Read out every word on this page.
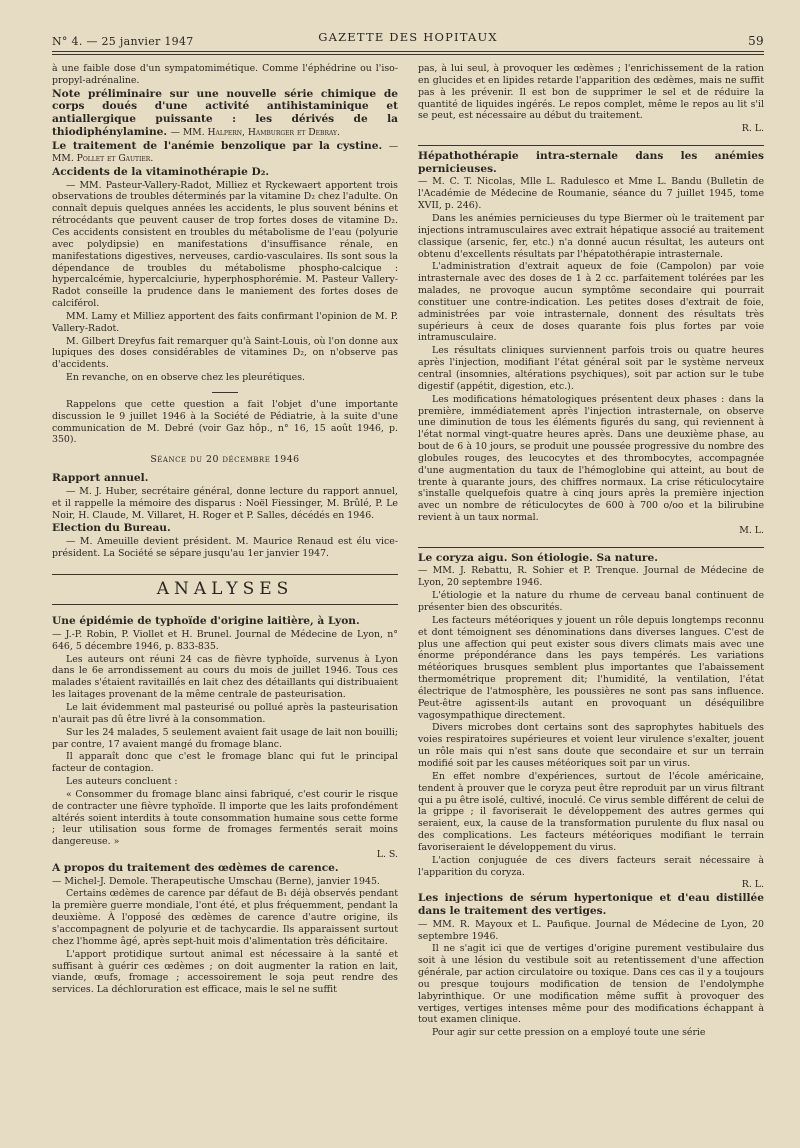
N° 4. — 25 janvier 1947	GAZETTE DES HOPITAUX	59

à une faible dose d'un sympatomimétique. Comme l'éphédrine ou l'iso-propyl-adrénaline.

Note préliminaire sur une nouvelle série chimique de corps doués d'une activité antihistaminique et antiallergique puissante : les dérivés de la thiodiphénylamine. — MM. Halpern, Hamburger et Debray.

Le traitement de l'anémie benzolique par la cystine. — MM. Pollet et Gautier.

Accidents de la vitaminothérapie D₂.

— MM. Pasteur-Vallery-Radot, Milliez et Ryckewaert apportent trois observations de troubles déterminés par la vitamine D₂ chez l'adulte. On connaît depuis quelques années les accidents, le plus souvent bénins et rétrocédants que peuvent causer de trop fortes doses de vitamine D₂. Ces accidents consistent en troubles du métabolisme de l'eau (polyurie avec polydipsie) en manifestations d'insuffisance rénale, en manifestations digestives, nerveuses, cardio-vasculaires. Ils sont sous la dépendance de troubles du métabolisme phospho-calcique : hypercalcémie, hypercalciurie, hyperphosphorémie. M. Pasteur Vallery-Radot conseille la prudence dans le maniement des fortes doses de calciférol.

MM. Lamy et Milliez apportent des faits confirmant l'opinion de M. P. Vallery-Radot.

M. Gilbert Dreyfus fait remarquer qu'à Saint-Louis, où l'on donne aux lupiques des doses considérables de vitamines D₂, on n'observe pas d'accidents.

En revanche, on en observe chez les pleurétiques.

Rappelons que cette question a fait l'objet d'une importante discussion le 9 juillet 1946 à la Société de Pédiatrie, à la suite d'une communication de M. Debré (voir Gaz hôp., n° 16, 15 août 1946, p. 350).

Séance du 20 décembre 1946

Rapport annuel.

— M. J. Huber, secrétaire général, donne lecture du rapport annuel, et il rappelle la mémoire des disparus : Noël Fiessinger, M. Brûlé, P. Le Noir, H. Claude, M. Villaret, H. Roger et P. Salles, décédés en 1946.

Election du Bureau.

— M. Ameuille devient président. M. Maurice Renaud est élu vice-président. La Société se sépare jusqu'au 1er janvier 1947.

ANALYSES

Une épidémie de typhoïde d'origine laitière, à Lyon.

— J.-P. Robin, P. Viollet et H. Brunel. Journal de Médecine de Lyon, n° 646, 5 décembre 1946, p. 833-835.

Les auteurs ont réuni 24 cas de fièvre typhoïde, survenus à Lyon dans le 6e arrondissement au cours du mois de juillet 1946. Tous ces malades s'étaient ravitaillés en lait chez des détaillants qui distribuaient les laitages provenant de la même centrale de pasteurisation.

Le lait évidemment mal pasteurisé ou pollué après la pasteurisation n'aurait pas dû être livré à la consommation.

Sur les 24 malades, 5 seulement avaient fait usage de lait non bouilli; par contre, 17 avaient mangé du fromage blanc.

Il apparaît donc que c'est le fromage blanc qui fut le principal facteur de contagion.

Les auteurs concluent :

« Consommer du fromage blanc ainsi fabriqué, c'est courir le risque de contracter une fièvre typhoïde. Il importe que les laits profondément altérés soient interdits à toute consommation humaine sous cette forme ; leur utilisation sous forme de fromages fermentés serait moins dangereuse. »

L. S.

A propos du traitement des œdèmes de carence.

— Michel-J. Demole. Therapeutische Umschau (Berne), janvier 1945.

Certains œdèmes de carence par défaut de B₁ déjà observés pendant la première guerre mondiale, l'ont été, et plus fréquemment, pendant la deuxième. À l'opposé des œdèmes de carence d'autre origine, ils s'accompagnent de polyurie et de tachycardie. Ils apparaissent surtout chez l'homme âgé, après sept-huit mois d'alimentation très déficitaire.

L'apport protidique surtout animal est nécessaire à la santé et suffisant à guérir ces œdèmes ; on doit augmenter la ration en lait, viande, œufs, fromage ; accessoirement le soja peut rendre des services. La déchloruration est efficace, mais le sel ne suffit

pas, à lui seul, à provoquer les œdèmes ; l'enrichissement de la ration en glucides et en lipides retarde l'apparition des œdèmes, mais ne suffit pas à les prévenir. Il est bon de supprimer le sel et de réduire la quantité de liquides ingérés. Le repos complet, même le repos au lit s'il se peut, est nécessaire au début du traitement.

R. L.

Hépathothérapie intra-sternale dans les anémies pernicieuses.

— M. C. T. Nicolas, Mlle L. Radulesco et Mme L. Bandu (Bulletin de l'Académie de Médecine de Roumanie, séance du 7 juillet 1945, tome XVII, p. 246).

Dans les anémies pernicieuses du type Biermer où le traitement par injections intramusculaires avec extrait hépatique associé au traitement classique (arsenic, fer, etc.) n'a donné aucun résultat, les auteurs ont obtenu d'excellents résultats par l'hépatothérapie intrasternale.

L'administration d'extrait aqueux de foie (Campolon) par voie intrasternale avec des doses de 1 à 2 cc. parfaitement tolérées par les malades, ne provoque aucun symptôme secondaire qui pourrait constituer une contre-indication. Les petites doses d'extrait de foie, administrées par voie intrasternale, donnent des résultats très supérieurs à ceux de doses quarante fois plus fortes par voie intramusculaire.

Les résultats cliniques surviennent parfois trois ou quatre heures après l'injection, modifiant l'état général soit par le système nerveux central (insomnies, altérations psychiques), soit par action sur le tube digestif (appétit, digestion, etc.).

Les modifications hématologiques présentent deux phases : dans la première, immédiatement après l'injection intrasternale, on observe une diminution de tous les éléments figurés du sang, qui reviennent à l'état normal vingt-quatre heures après. Dans une deuxième phase, au bout de 6 à 10 jours, se produit une poussée progressive du nombre des globules rouges, des leucocytes et des thrombocytes, accompagnée d'une augmentation du taux de l'hémoglobine qui atteint, au bout de trente à quarante jours, des chiffres normaux. La crise réticulocytaire s'installe quelquefois quatre à cinq jours après la première injection avec un nombre de réticulocytes de 600 à 700 o/oo et la bilirubine revient à un taux normal.

M. L.

Le coryza aigu. Son étiologie. Sa nature.

— MM. J. Rebattu, R. Sohier et P. Trenque. Journal de Médecine de Lyon, 20 septembre 1946.

L'étiologie et la nature du rhume de cerveau banal continuent de présenter bien des obscurités.

Les facteurs météoriques y jouent un rôle depuis longtemps reconnu et dont témoignent ses dénominations dans diverses langues. C'est de plus une affection qui peut exister sous divers climats mais avec une énorme prépondérance dans les pays tempérés. Les variations météoriques brusques semblent plus importantes que l'abaissement thermométrique proprement dit; l'humidité, la ventilation, l'état électrique de l'atmosphère, les poussières ne sont pas sans influence. Peut-être agissent-ils autant en provoquant un déséquilibre vagosympathique directement.

Divers microbes dont certains sont des saprophytes habituels des voies respiratoires supérieures et voient leur virulence s'exalter, jouent un rôle mais qui n'est sans doute que secondaire et sur un terrain modifié soit par les causes météoriques soit par un virus.

En effet nombre d'expériences, surtout de l'école américaine, tendent à prouver que le coryza peut être reproduit par un virus filtrant qui a pu être isolé, cultivé, inoculé. Ce virus semble différent de celui de la grippe ; il favoriserait le développement des autres germes qui seraient, eux, la cause de la transformation purulente du flux nasal ou des complications. Les facteurs météoriques modifiant le terrain favoriseraient le développement du virus.

L'action conjuguée de ces divers facteurs serait nécessaire à l'apparition du coryza.

R. L.

Les injections de sérum hypertonique et d'eau distillée dans le traitement des vertiges.

— MM. R. Mayoux et L. Paufique. Journal de Médecine de Lyon, 20 septembre 1946.

Il ne s'agit ici que de vertiges d'origine purement vestibulaire dus soit à une lésion du vestibule soit au retentissement d'une affection générale, par action circulatoire ou toxique. Dans ces cas il y a toujours ou presque toujours modification de tension de l'endolymphe labyrinthique. Or une modification même suffit à provoquer des vertiges, vertiges intenses même pour des modifications échappant à tout examen clinique.

Pour agir sur cette pression on a employé toute une série
